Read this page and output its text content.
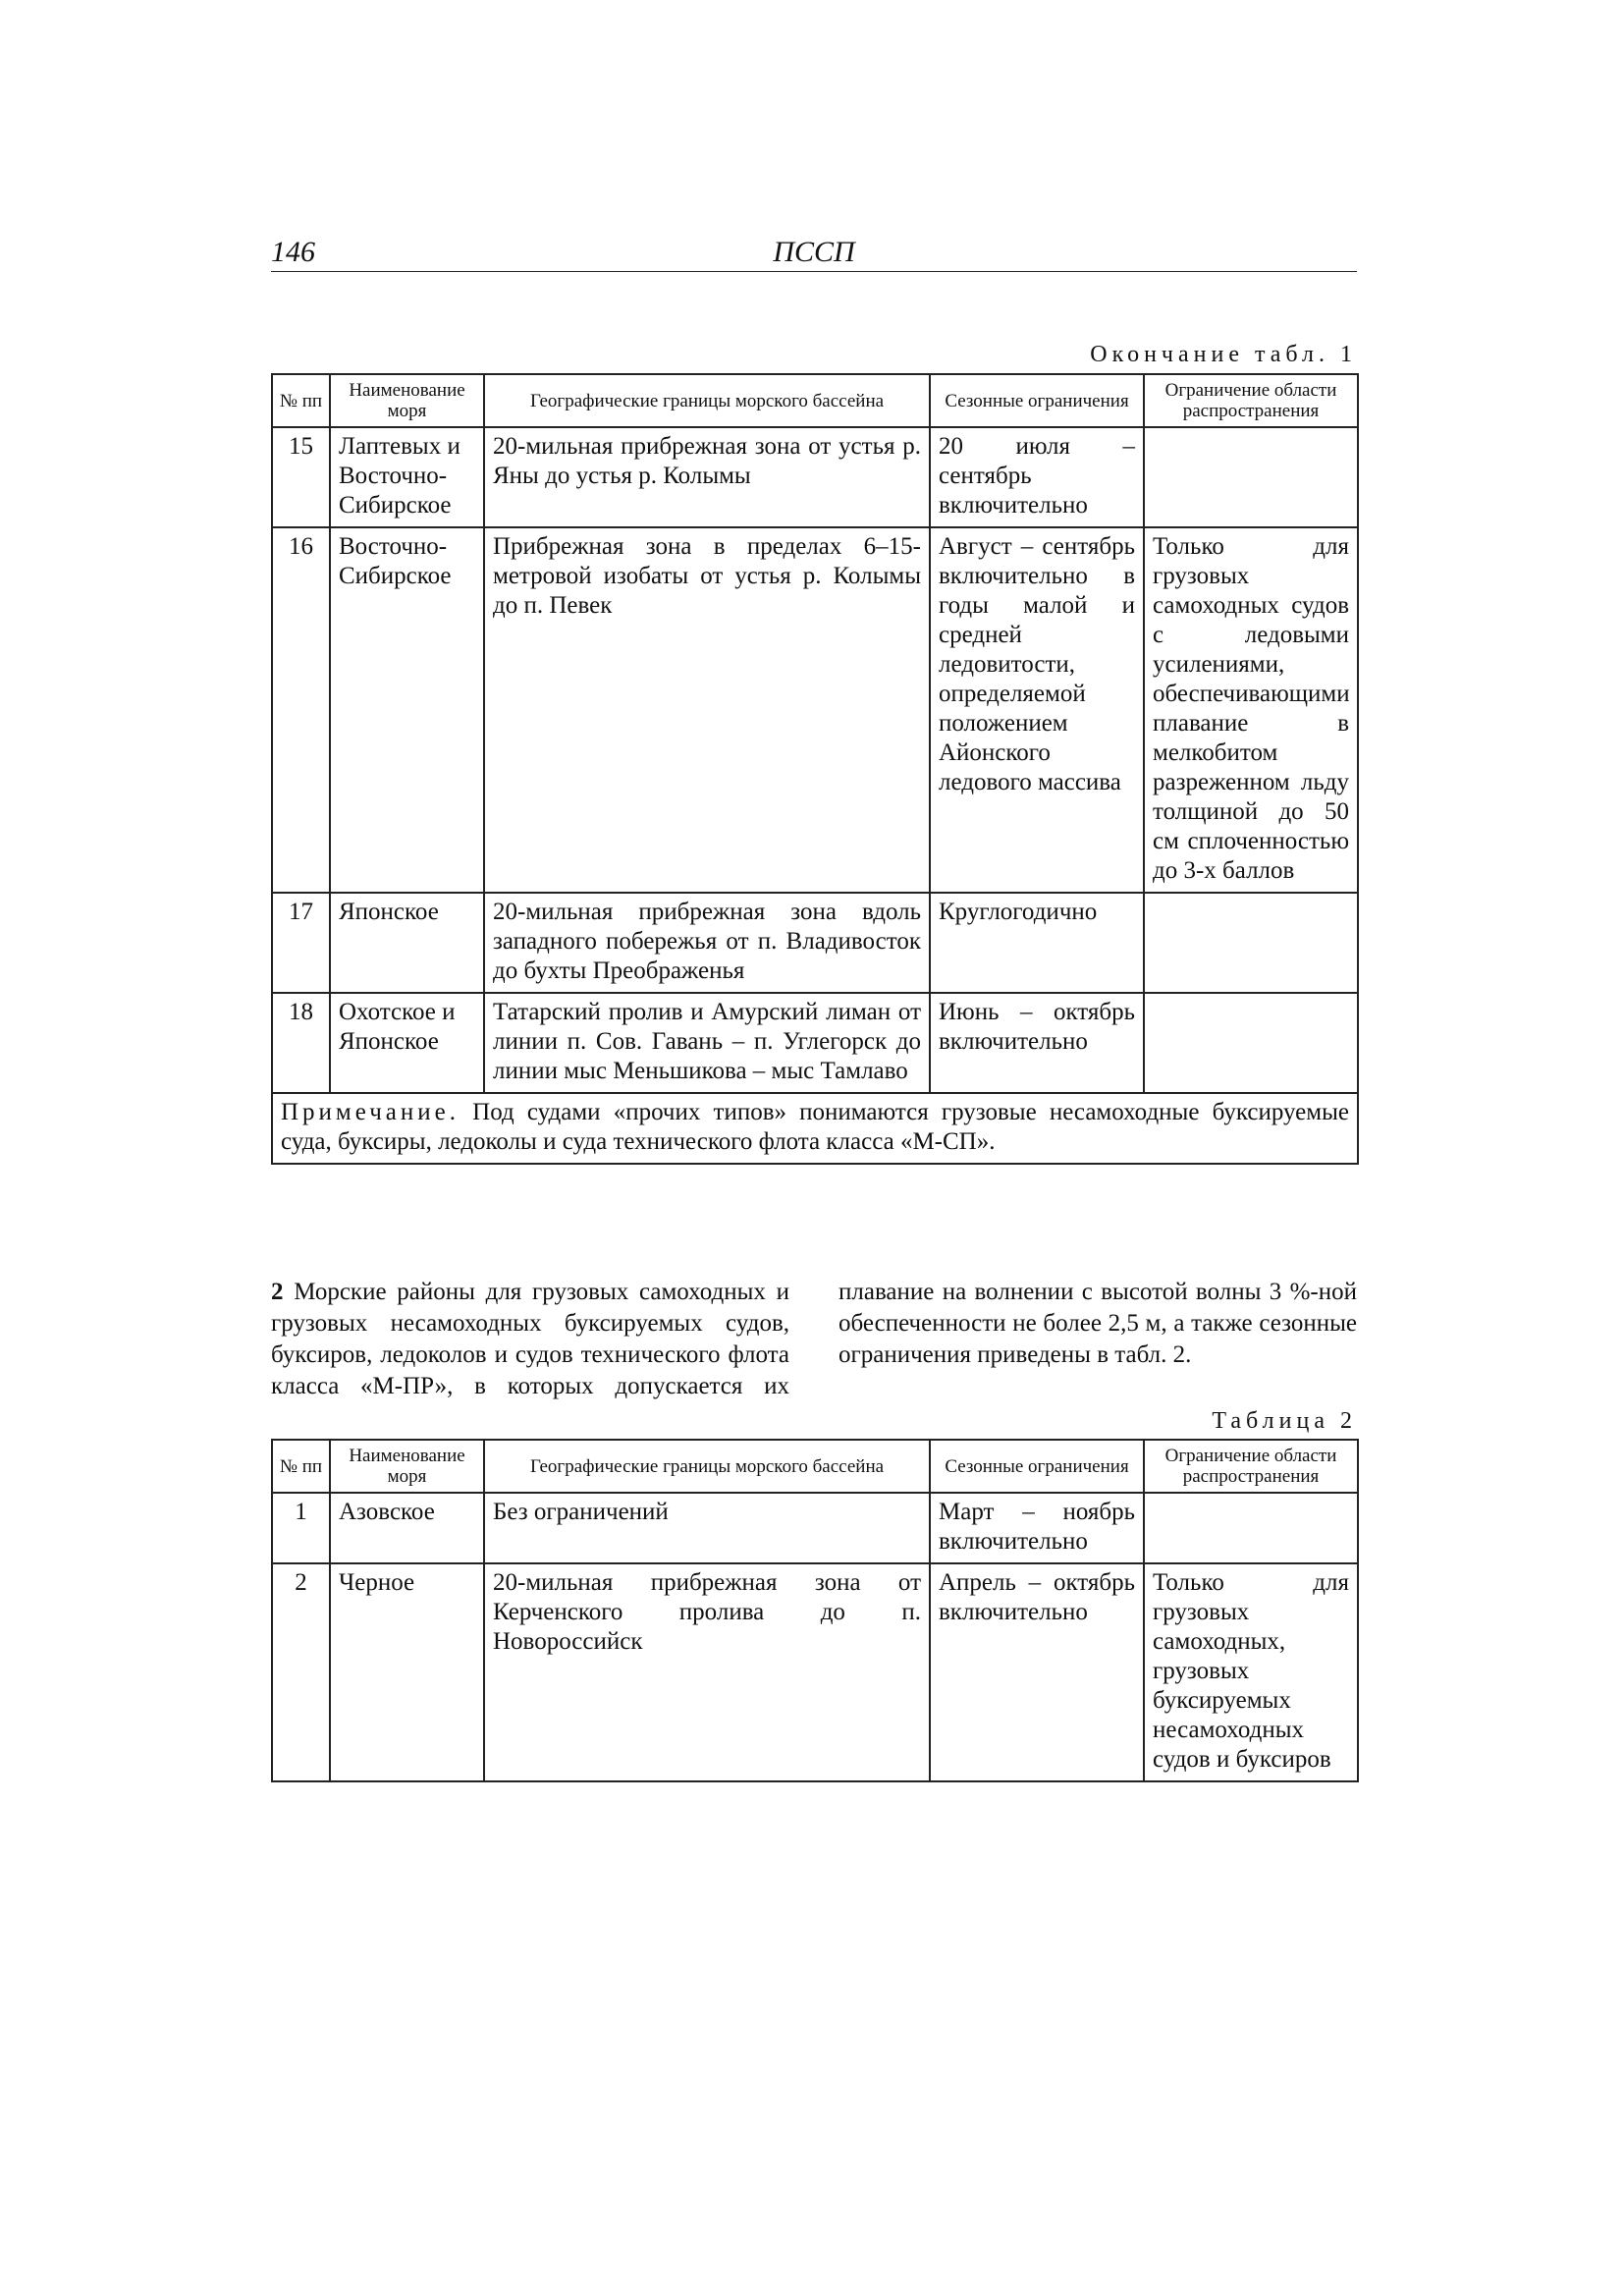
146	ПССП
Окончание табл. 1
№ пп	Наименование моря	Географические границы морского бассейна	Сезонные ограничения	Ограничение области распространения
15	Лаптевых и Восточно-Сибирское	20-мильная прибрежная зона от устья р. Яны до устья р. Колымы	20 июля – сентябрь включительно	
16	Восточно-Сибирское	Прибрежная зона в пределах 6–15-метровой изобаты от устья р. Колымы до п. Певек	Август – сентябрь включительно в годы малой и средней ледовитости, определяемой положением Айонского ледового массива	Только для грузовых самоходных судов с ледовыми усилениями, обеспечивающими плавание в мелкобитом разреженном льду толщиной до 50 см сплоченностью до 3-х баллов
17	Японское	20-мильная прибрежная зона вдоль западного побережья от п. Владивосток до бухты Преображенья	Круглогодично	
18	Охотское и Японское	Татарский пролив и Амурский лиман от линии п. Сов. Гавань – п. Углегорск до линии мыс Меньшикова – мыс Тамлаво	Июнь – октябрь включительно	
Примечание. Под судами «прочих типов» понимаются грузовые несамоходные буксируемые суда, буксиры, ледоколы и суда технического флота класса «М-СП».				
2 Морские районы для грузовых самоходных и грузовых несамоходных буксируемых судов, буксиров, ледоколов и судов технического флота класса «М-ПР», в которых допускается их плавание на волнении с высотой волны 3 %-ной обеспеченности не более 2,5 м, а также сезонные ограничения приведены в табл. 2.
Таблица 2
№ пп	Наименование моря	Географические границы морского бассейна	Сезонные ограничения	Ограничение области распространения
1	Азовское	Без ограничений	Март – ноябрь включительно	
2	Черное	20-мильная прибрежная зона от Керченского пролива до п. Новороссийск	Апрель – октябрь включительно	Только для грузовых самоходных, грузовых буксируемых несамоходных судов и буксиров
